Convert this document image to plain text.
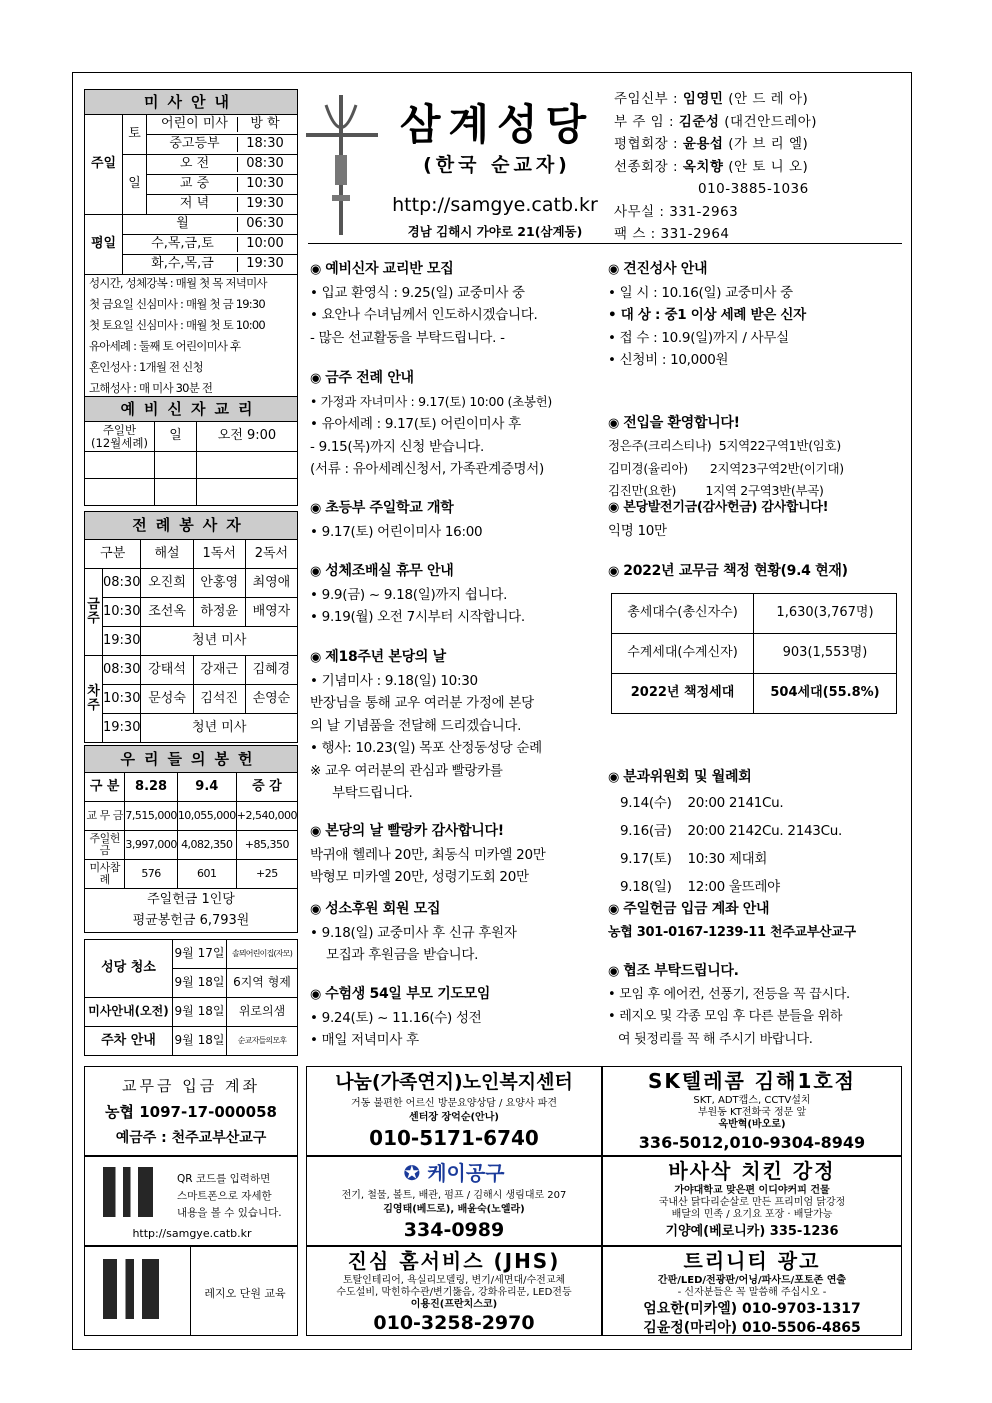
미사안내		
주일	토	어린이 미사 방 학
		중고등부 18:30
	일	오 전 08:30
		교 중 10:30
		저 녁 19:30
평일	월 06:30	
	수,목,금,토 10:00	
	화,수,목,금 19:30	
성시간, 성체강복 : 매월 첫 목 저녁미사
첫 금요일 신심미사 : 매월 첫 금 19:30
첫 토요일 신심미사 : 매월 첫 토 10:00
유아세례 : 둘째 토 어린이미사 후
혼인성사 : 1개월 전 신청
고해성사 : 매 미사 30분 전
예비신자교리		
주일반
(12월세례)	일	오전 9:00

전례봉사자				
구분		해설	1독서	2독서
금
주	08:30	오진희	안홍영	최영애
	10:30	조선옥	하정윤	배영자
	19:30	청년 미사		
차
주	08:30	강태석	강재근	김혜경
	10:30	문성숙	김석진	손영순
	19:30	청년 미사		
우리들의봉헌			
구 분	8.28	9.4	증 감
교 무 금	7,515,000	10,055,000	+2,540,000
주일헌금	3,997,000	4,082,350	+85,350
미사참례	576	601	+25
주일헌금 1인당			
평균봉헌금 6,793원			
성당 청소	9월 17일	솔뫼어린이집(자모)
	9월 18일	6지역 형제
미사안내(오전)	9월 18일	위로의샘
주차 안내	9월 18일	순교자들의모후
삼계성당
(한국 순교자)
http://samgye.catb.kr
경남 김해시 가야로 21(삼계동)
주임신부 : 임영민 (안 드 레 아)
부 주 임 : 김준성 (대건안드레아)
평협회장 : 윤용섭 (가 브 리 엘)
선종회장 : 옥치향 (안 토 니 오)
010-3885-1036
사무실 : 331-2963
팩 스 : 331-2964
◉ 예비신자 교리반 모집
• 입교 환영식 : 9.25(일) 교중미사 중
• 요안나 수녀님께서 인도하시겠습니다.
- 많은 선교활동을 부탁드립니다. -
◉ 금주 전례 안내
• 가정과 자녀미사 : 9.17(토) 10:00 (초봉헌)
• 유아세례 : 9.17(토) 어린이미사 후
- 9.15(목)까지 신청 받습니다.
(서류 : 유아세례신청서, 가족관계증명서)
◉ 초등부 주일학교 개학
• 9.17(토) 어린이미사 16:00
◉ 성체조배실 휴무 안내
• 9.9(금) ~ 9.18(일)까지 쉽니다.
• 9.19(월) 오전 7시부터 시작합니다.
◉ 제18주년 본당의 날
• 기념미사 : 9.18(일) 10:30
반장님을 통해 교우 여러분 가정에 본당
의 날 기념품을 전달해 드리겠습니다.
• 행사: 10.23(일) 목포 산정동성당 순례
※ 교우 여러분의 관심과 빨랑카를
부탁드립니다.
◉ 본당의 날 빨랑카 감사합니다!
박귀애 헬레나 20만, 최동식 미카엘 20만
박형모 미카엘 20만, 성령기도회 20만
◉ 성소후원 회원 모집
• 9.18(일) 교중미사 후 신규 후원자
모집과 후원금을 받습니다.
◉ 수험생 54일 부모 기도모임
• 9.24(토) ~ 11.16(수) 성전
• 매일 저녁미사 후
◉ 견진성사 안내
• 일 시 : 10.16(일) 교중미사 중
• 대 상 : 중1 이상 세례 받은 신자
• 접 수 : 10.9(일)까지 / 사무실
• 신청비 : 10,000원

◉ 전입을 환영합니다!
정은주(크리스티나)  5지역22구역1반(임호)
김미경(율리아)      2지역23구역2반(이기대)
김진만(요한)        1지역 2구역3반(부곡)
◉ 본당발전기금(감사헌금) 감사합니다!
익명 10만
◉ 2022년 교무금 책정 현황(9.4 현재)
총세대수(총신자수)	1,630(3,767명)
수계세대(수계신자)	903(1,553명)
2022년 책정세대	504세대(55.8%)

◉ 분과위원회 및 월례회
9.14(수)    20:00 2141Cu.
9.16(금)    20:00 2142Cu. 2143Cu.
9.17(토)    10:30 제대회
9.18(일)    12:00 울뜨레야
◉ 주일헌금 입금 계좌 안내
농협 301-0167-1239-11 천주교부산교구
◉ 협조 부탁드립니다.
• 모임 후 에어컨, 선풍기, 전등을 꼭 끕시다.
• 레지오 및 각종 모임 후 다른 분들을 위하
여 뒷정리를 꼭 해 주시기 바랍니다.
교무금 입금 계좌
농협 1097-17-000058
예금주 : 천주교부산교구
QR 코드를 입력하면
스마트폰으로 자세한
내용을 볼 수 있습니다.
http://samgye.catb.kr
레지오 단원 교육
나눔(가족연지)노인복지센터
거동 불편한 어르신 방문요양상담 / 요양사 파견
센터장 장억순(안나)
010-5171-6740
SK텔레콤 김해1호점
SKT, ADT캡스, CCTV설치
부원동 KT전화국 정문 앞
옥반혁(바오로)
336-5012,010-9304-8949
✪ 케이공구
전기, 철물, 볼트, 배관, 펌프 / 김해시 생림대로 207
김영태(베드로), 배윤숙(노엘라)
334-0989
바사삭 치킨 강정
가야대학교 맞은편 이디야커피 건물
국내산 닭다리순살로 만든 프리미엄 닭강정
배달의 민족 / 요기요 포장 · 배달가능
기양예(베로니카) 335-1236
진심 홈서비스 (JHS)
토탈인테리어, 욕실리모델링, 변기/세면대/수전교체
수도설비, 막힌하수관/변기뚫음, 강화유리문, LED전등
이용진(프란치스코)
010-3258-2970
트리니티 광고
간판/LED/전광판/어닝/파사드/포토존 연출
- 신자분들은 꼭 말씀해 주십시오 -
엄요한(미카엘) 010-9703-1317
김윤정(마리아) 010-5506-4865
